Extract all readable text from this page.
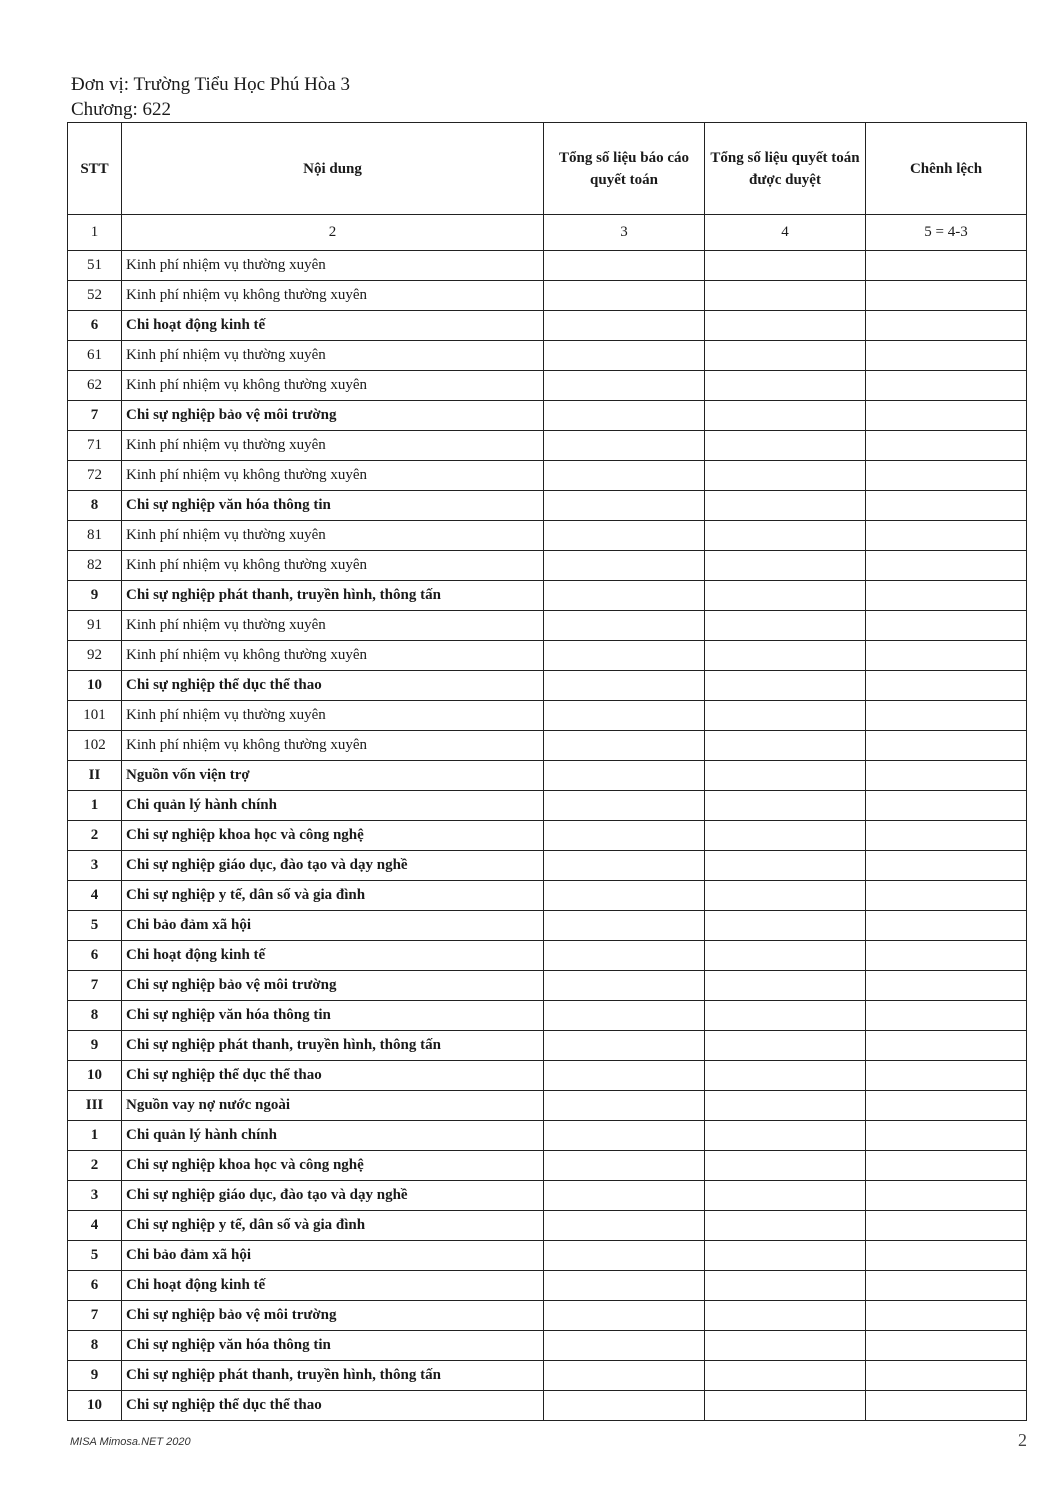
Đơn vị: Trường Tiểu Học Phú Hòa 3
Chương: 622
STT	Nội dung	Tổng số liệu báo cáo quyết toán	Tổng số liệu quyết toán được duyệt	Chênh lệch
1	2	3	4	5 = 4-3
51	Kinh phí nhiệm vụ thường xuyên			
52	Kinh phí nhiệm vụ không thường xuyên			
6	Chi hoạt động kinh tế			
61	Kinh phí nhiệm vụ thường xuyên			
62	Kinh phí nhiệm vụ không thường xuyên			
7	Chi sự nghiệp bảo vệ môi trường			
71	Kinh phí nhiệm vụ thường xuyên			
72	Kinh phí nhiệm vụ không thường xuyên			
8	Chi sự nghiệp văn hóa thông tin			
81	Kinh phí nhiệm vụ thường xuyên			
82	Kinh phí nhiệm vụ không thường xuyên			
9	Chi sự nghiệp phát thanh, truyền hình, thông tấn			
91	Kinh phí nhiệm vụ thường xuyên			
92	Kinh phí nhiệm vụ không thường xuyên			
10	Chi sự nghiệp thể dục thể thao			
101	Kinh phí nhiệm vụ thường xuyên			
102	Kinh phí nhiệm vụ không thường xuyên			
II	Nguồn vốn viện trợ			
1	Chi quản lý hành chính			
2	Chi sự nghiệp khoa học và công nghệ			
3	Chi sự nghiệp giáo dục, đào tạo và dạy nghề			
4	Chi sự nghiệp y tế, dân số và gia đình			
5	Chi bảo đảm xã hội			
6	Chi hoạt động kinh tế			
7	Chi sự nghiệp bảo vệ môi trường			
8	Chi sự nghiệp văn hóa thông tin			
9	Chi sự nghiệp phát thanh, truyền hình, thông tấn			
10	Chi sự nghiệp thể dục thể thao			
III	Nguồn vay nợ nước ngoài			
1	Chi quản lý hành chính			
2	Chi sự nghiệp khoa học và công nghệ			
3	Chi sự nghiệp giáo dục, đào tạo và dạy nghề			
4	Chi sự nghiệp y tế, dân số và gia đình			
5	Chi bảo đảm xã hội			
6	Chi hoạt động kinh tế			
7	Chi sự nghiệp bảo vệ môi trường			
8	Chi sự nghiệp văn hóa thông tin			
9	Chi sự nghiệp phát thanh, truyền hình, thông tấn			
10	Chi sự nghiệp thể dục thể thao			
MISA Mimosa.NET 2020	2
